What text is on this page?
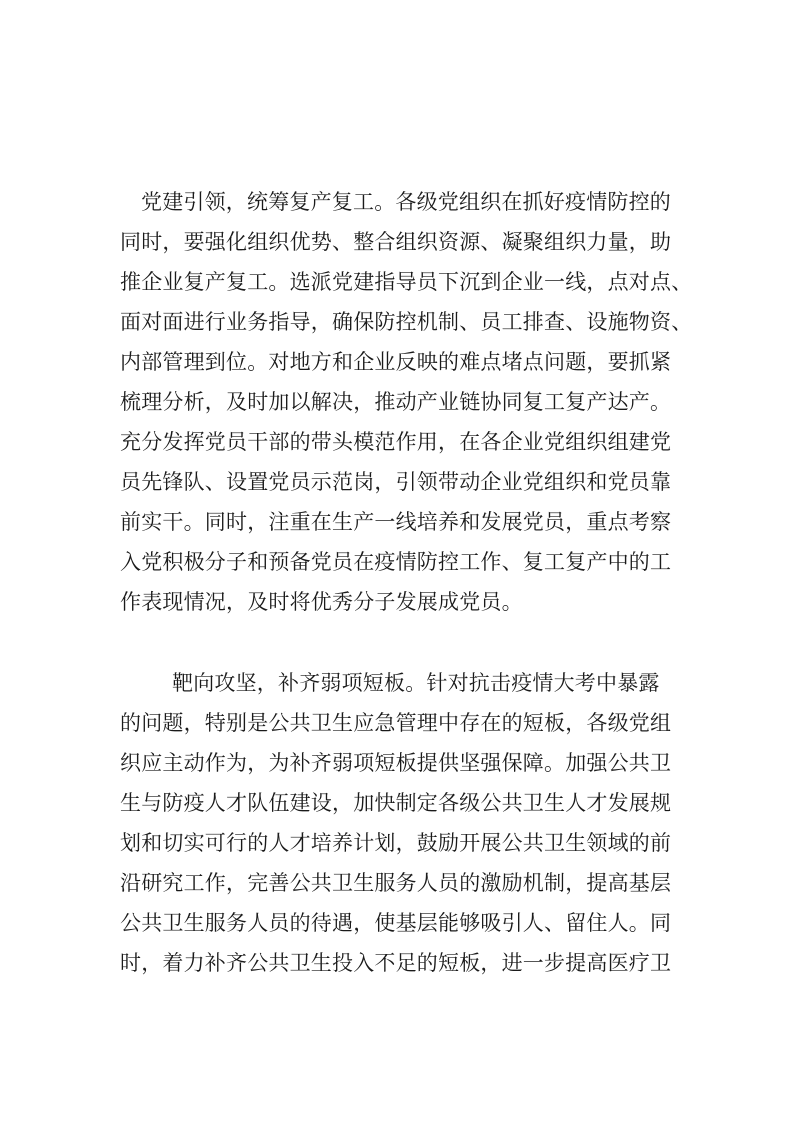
党建引领，统筹复产复工。各级党组织在抓好疫情防控的
同时，要强化组织优势、整合组织资源、凝聚组织力量，助
推企业复产复工。选派党建指导员下沉到企业一线，点对点、
面对面进行业务指导，确保防控机制、员工排查、设施物资、
内部管理到位。对地方和企业反映的难点堵点问题，要抓紧
梳理分析，及时加以解决，推动产业链协同复工复产达产。
充分发挥党员干部的带头模范作用，在各企业党组织组建党
员先锋队、设置党员示范岗，引领带动企业党组织和党员靠
前实干。同时，注重在生产一线培养和发展党员，重点考察
入党积极分子和预备党员在疫情防控工作、复工复产中的工
作表现情况，及时将优秀分子发展成党员。
靶向攻坚，补齐弱项短板。针对抗击疫情大考中暴露
的问题，特别是公共卫生应急管理中存在的短板，各级党组
织应主动作为，为补齐弱项短板提供坚强保障。加强公共卫
生与防疫人才队伍建设，加快制定各级公共卫生人才发展规
划和切实可行的人才培养计划，鼓励开展公共卫生领域的前
沿研究工作，完善公共卫生服务人员的激励机制，提高基层
公共卫生服务人员的待遇，使基层能够吸引人、留住人。同
时，着力补齐公共卫生投入不足的短板，进一步提高医疗卫
